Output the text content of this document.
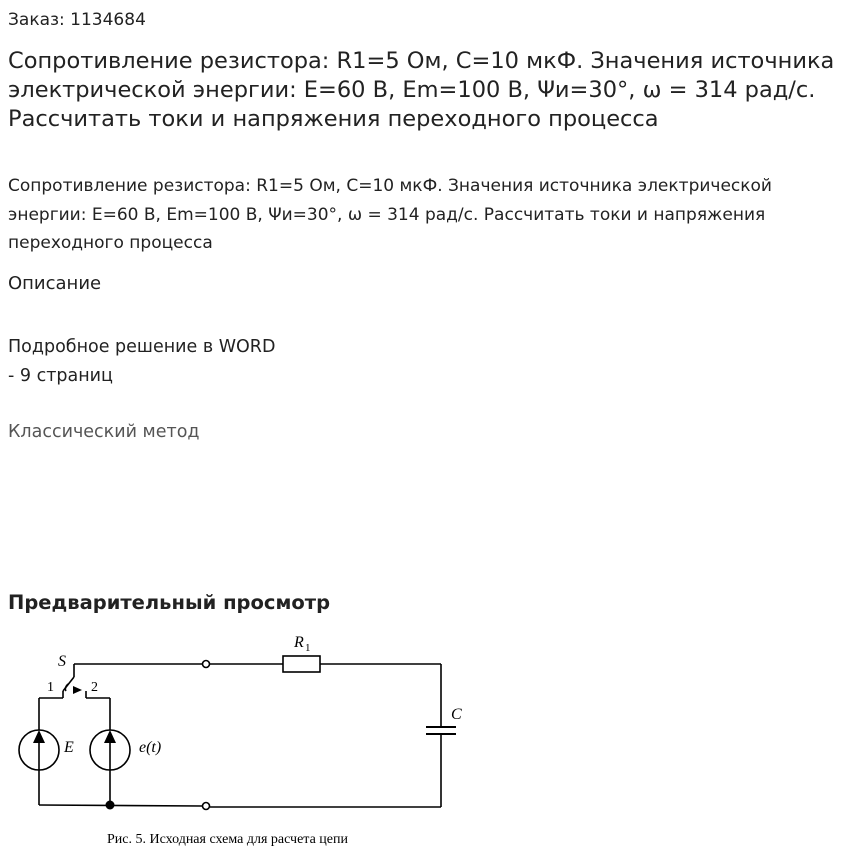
Заказ: 1134684
Сопротивление резистора: R1=5 Ом, С=10 мкФ. Значения источника электрической энергии: E=60 В, Em=100 В, Ψи=30°, ω = 314 рад/с. Рассчитать токи и напряжения переходного процесса
Сопротивление резистора: R1=5 Ом, С=10 мкФ. Значения источника электрической энергии: E=60 В, Em=100 В, Ψи=30°, ω = 314 рад/с. Рассчитать токи и напряжения переходного процесса
Описание
Подробное решение в WORD
- 9 страниц
Классический метод
Предварительный просмотр
S
1	2
R 1
C
E	e(t)
Рис. 5. Исходная схема для расчета цепи
